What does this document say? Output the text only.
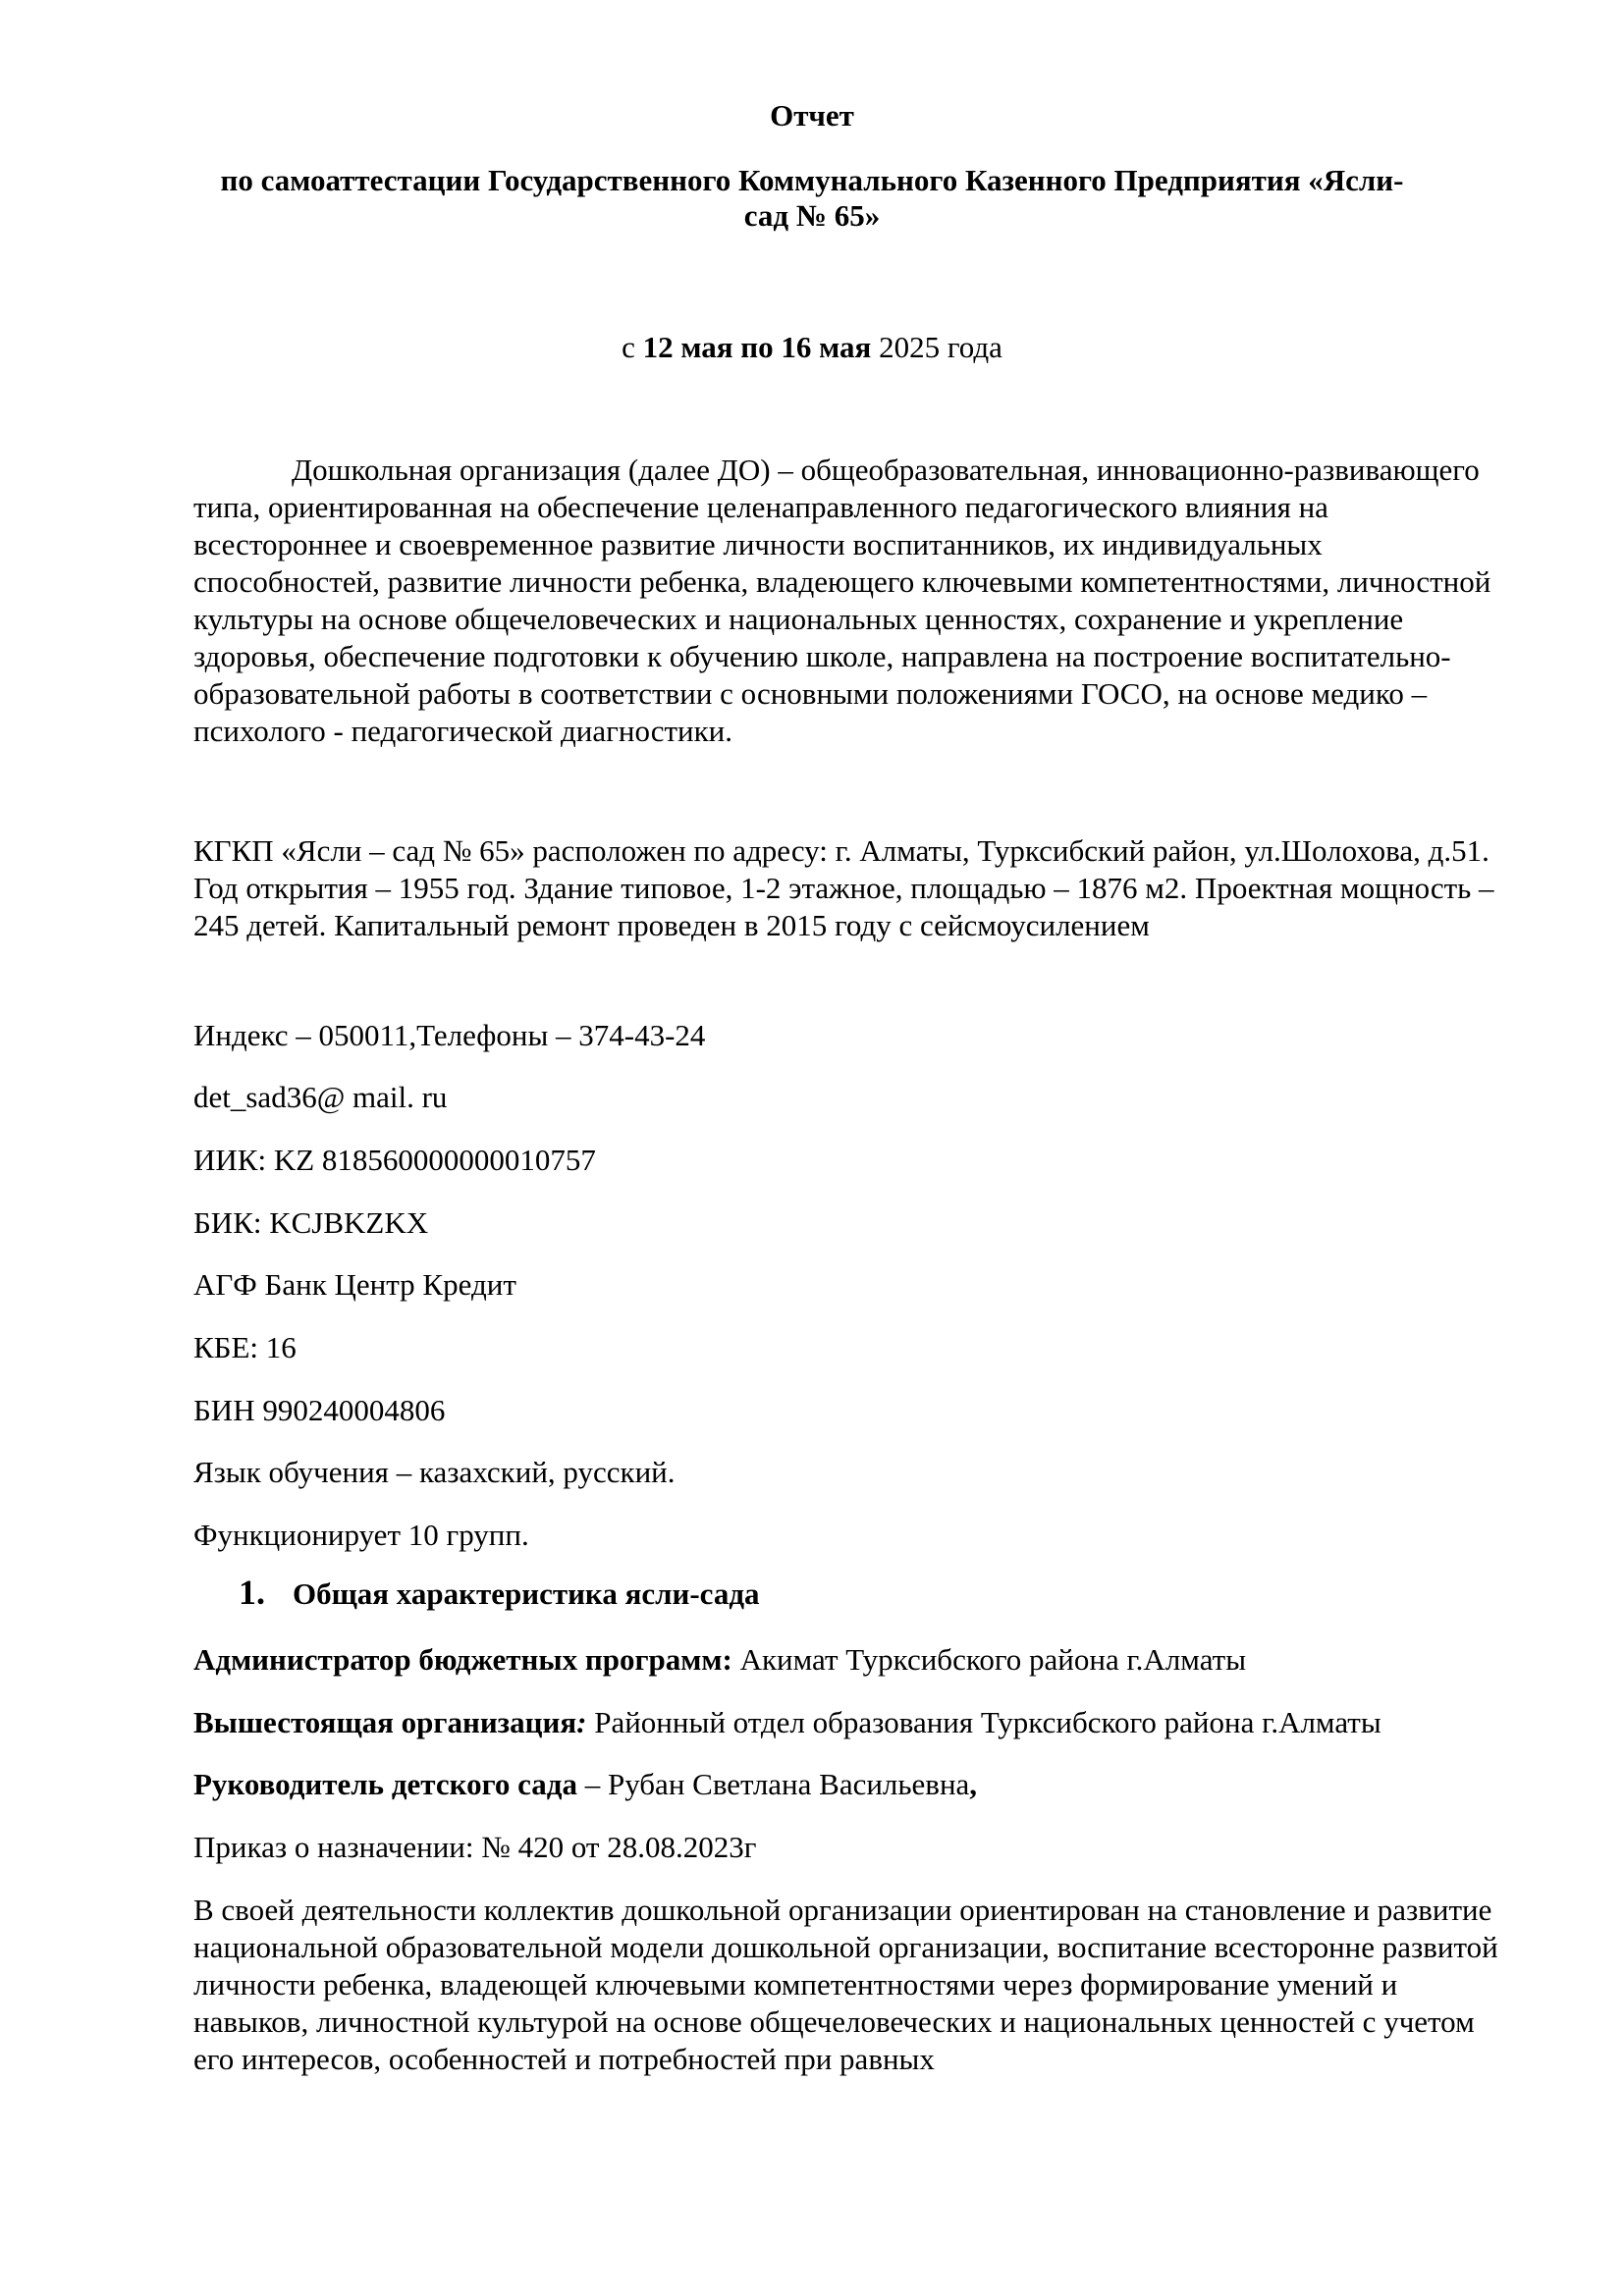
Отчет
по самоаттестации Государственного Коммунального Казенного Предприятия «Ясли-
сад № 65»
с 12 мая по 16 мая 2025 года
Дошкольная организация (далее ДО) – общеобразовательная, инновационно-развивающего типа, ориентированная на обеспечение целенаправленного педагогического влияния на всестороннее и своевременное развитие личности воспитанников, их индивидуальных способностей, развитие личности ребенка, владеющего ключевыми компетентностями, личностной культуры на основе общечеловеческих и национальных ценностях, сохранение и укрепление здоровья, обеспечение подготовки к обучению школе, направлена на построение воспитательно-образовательной работы в соответствии с основными положениями ГОСО, на основе медико – психолого - педагогической диагностики.
КГКП «Ясли – сад № 65» расположен по адресу: г. Алматы, Турксибский район, ул.Шолохова, д.51. Год открытия – 1955 год. Здание типовое, 1-2 этажное, площадью – 1876 м2. Проектная мощность – 245 детей. Капитальный ремонт проведен в 2015 году с сейсмоусилением
Индекс – 050011,Телефоны – 374-43-24
det_sad36@ mail. ru
ИИК: KZ 818560000000010757
БИК: KCJBKZKX
АГФ Банк Центр Кредит
КБЕ: 16
БИН 990240004806
Язык обучения – казахский, русский.
Функционирует 10 групп.
1. Общая характеристика ясли-сада
Администратор бюджетных программ: Акимат Турксибского района г.Алматы
Вышестоящая организация: Районный отдел образования Турксибского района г.Алматы
Руководитель детского сада – Рубан Светлана Васильевна,
Приказ о назначении: № 420 от 28.08.2023г
В своей деятельности коллектив дошкольной организации ориентирован на становление и развитие национальной образовательной модели дошкольной организации, воспитание всесторонне развитой личности ребенка, владеющей ключевыми компетентностями через формирование умений и навыков, личностной культурой на основе общечеловеческих и национальных ценностей с учетом его интересов, особенностей и потребностей при равных
